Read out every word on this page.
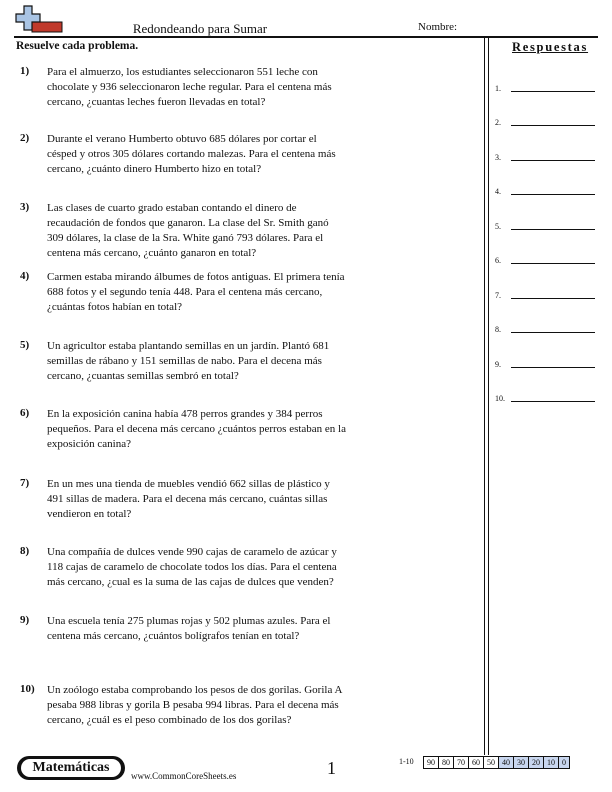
Redondeando para Sumar	Nombre:
Resuelve cada problema.
1) Para el almuerzo, los estudiantes seleccionaron 551 leche con chocolate y 936 seleccionaron leche regular. Para el centena más cercano, ¿cuantas leches fueron llevadas en total?
2) Durante el verano Humberto obtuvo 685 dólares por cortar el césped y otros 305 dólares cortando malezas. Para el centena más cercano, ¿cuánto dinero Humberto hizo en total?
3) Las clases de cuarto grado estaban contando el dinero de recaudación de fondos que ganaron. La clase del Sr. Smith ganó 309 dólares, la clase de la Sra. White ganó 793 dólares. Para el centena más cercano, ¿cuánto ganaron en total?
4) Carmen estaba mirando álbumes de fotos antiguas. El primera tenía 688 fotos y el segundo tenía 448. Para el centena más cercano, ¿cuántas fotos habían en total?
5) Un agricultor estaba plantando semillas en un jardín. Plantó 681 semillas de rábano y 151 semillas de nabo. Para el decena más cercano, ¿cuantas semillas sembró en total?
6) En la exposición canina había 478 perros grandes y 384 perros pequeños. Para el decena más cercano ¿cuántos perros estaban en la exposición canina?
7) En un mes una tienda de muebles vendió 662 sillas de plástico y 491 sillas de madera. Para el decena más cercano, cuántas sillas vendieron en total?
8) Una compañía de dulces vende 990 cajas de caramelo de azúcar y 118 cajas de caramelo de chocolate todos los días. Para el centena más cercano, ¿cual es la suma de las cajas de dulces que venden?
9) Una escuela tenía 275 plumas rojas y 502 plumas azules. Para el centena más cercano, ¿cuántos bolígrafos tenían en total?
10) Un zoólogo estaba comprobando los pesos de dos gorilas. Gorila A pesaba 988 libras y gorila B pesaba 994 libras. Para el decena más cercano, ¿cuál es el peso combinado de los dos gorilas?
Respuestas
1.
2.
3.
4.
5.
6.
7.
8.
9.
10.
Matemáticas
www.CommonCoreSheets.es	1	1-10 90	80	70	60	50	40	30	20	10	0
